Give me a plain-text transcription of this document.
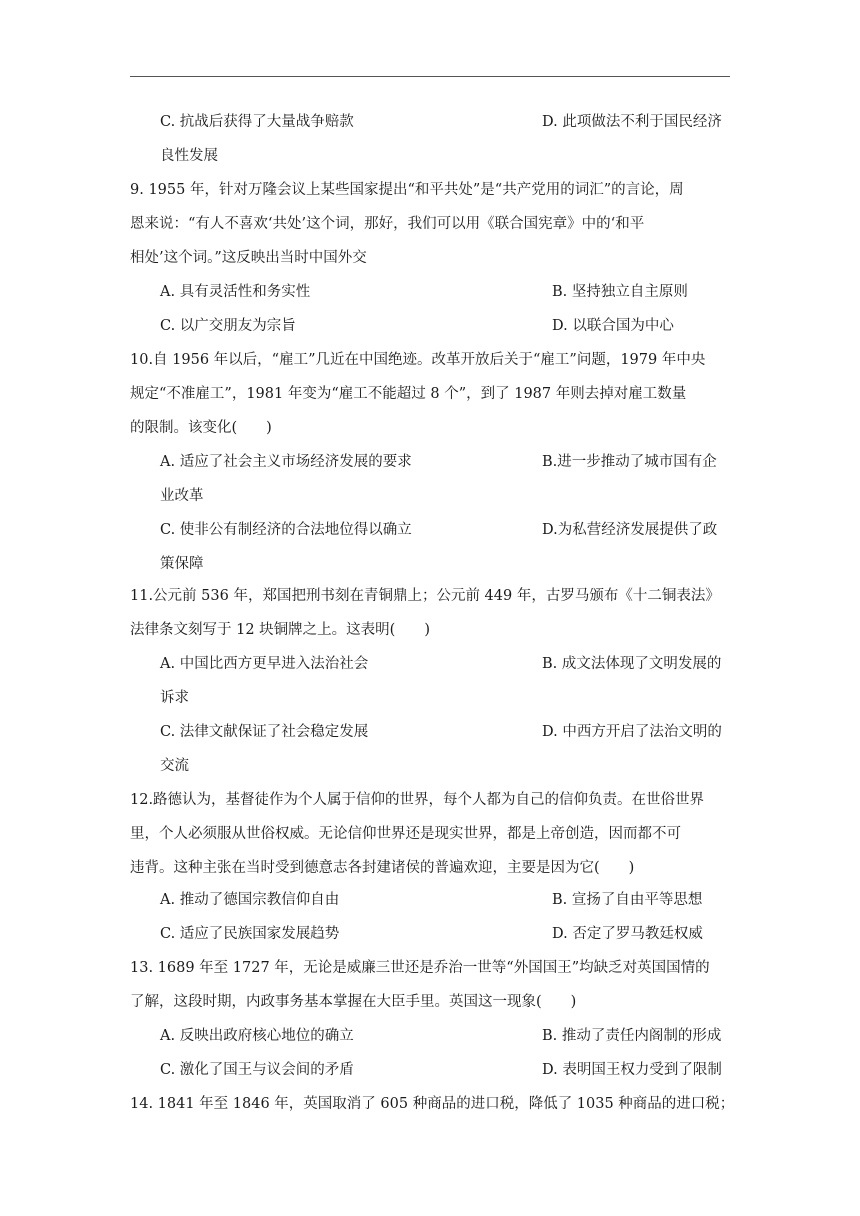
C. 抗战后获得了大量战争赔款	D. 此项做法不利于国民经济
良性发展
9. 1955 年，针对万隆会议上某些国家提出“和平共处”是“共产党用的词汇”的言论，周
恩来说：“有人不喜欢‘共处’这个词，那好，我们可以用《联合国宪章》中的‘和平
相处’这个词。”这反映出当时中国外交
A. 具有灵活性和务实性	B. 坚持独立自主原则
C. 以广交朋友为宗旨	D. 以联合国为中心
10.自 1956 年以后，“雇工”几近在中国绝迹。改革开放后关于“雇工”问题，1979 年中央
规定“不准雇工”，1981 年变为“雇工不能超过 8 个”，到了 1987 年则去掉对雇工数量
的限制。该变化(　　)
A. 适应了社会主义市场经济发展的要求	B.进一步推动了城市国有企
业改革
C. 使非公有制经济的合法地位得以确立	D.为私营经济发展提供了政
策保障
11.公元前 536 年，郑国把刑书刻在青铜鼎上；公元前 449 年，古罗马颁布《十二铜表法》
法律条文刻写于 12 块铜牌之上。这表明(　　)
A. 中国比西方更早进入法治社会	B. 成文法体现了文明发展的
诉求
C. 法律文献保证了社会稳定发展	D. 中西方开启了法治文明的
交流
12.路德认为，基督徒作为个人属于信仰的世界，每个人都为自己的信仰负责。在世俗世界
里，个人必须服从世俗权威。无论信仰世界还是现实世界，都是上帝创造，因而都不可
违背。这种主张在当时受到德意志各封建诸侯的普遍欢迎，主要是因为它(　　)
A. 推动了德国宗教信仰自由	B. 宣扬了自由平等思想
C. 适应了民族国家发展趋势	D. 否定了罗马教廷权威
13. 1689 年至 1727 年，无论是威廉三世还是乔治一世等“外国国王”均缺乏对英国国情的
了解，这段时期，内政事务基本掌握在大臣手里。英国这一现象(　　)
A. 反映出政府核心地位的确立	B. 推动了责任内阁制的形成
C. 激化了国王与议会间的矛盾	D. 表明国王权力受到了限制
14. 1841 年至 1846 年，英国取消了 605 种商品的进口税，降低了 1035 种商品的进口税；
